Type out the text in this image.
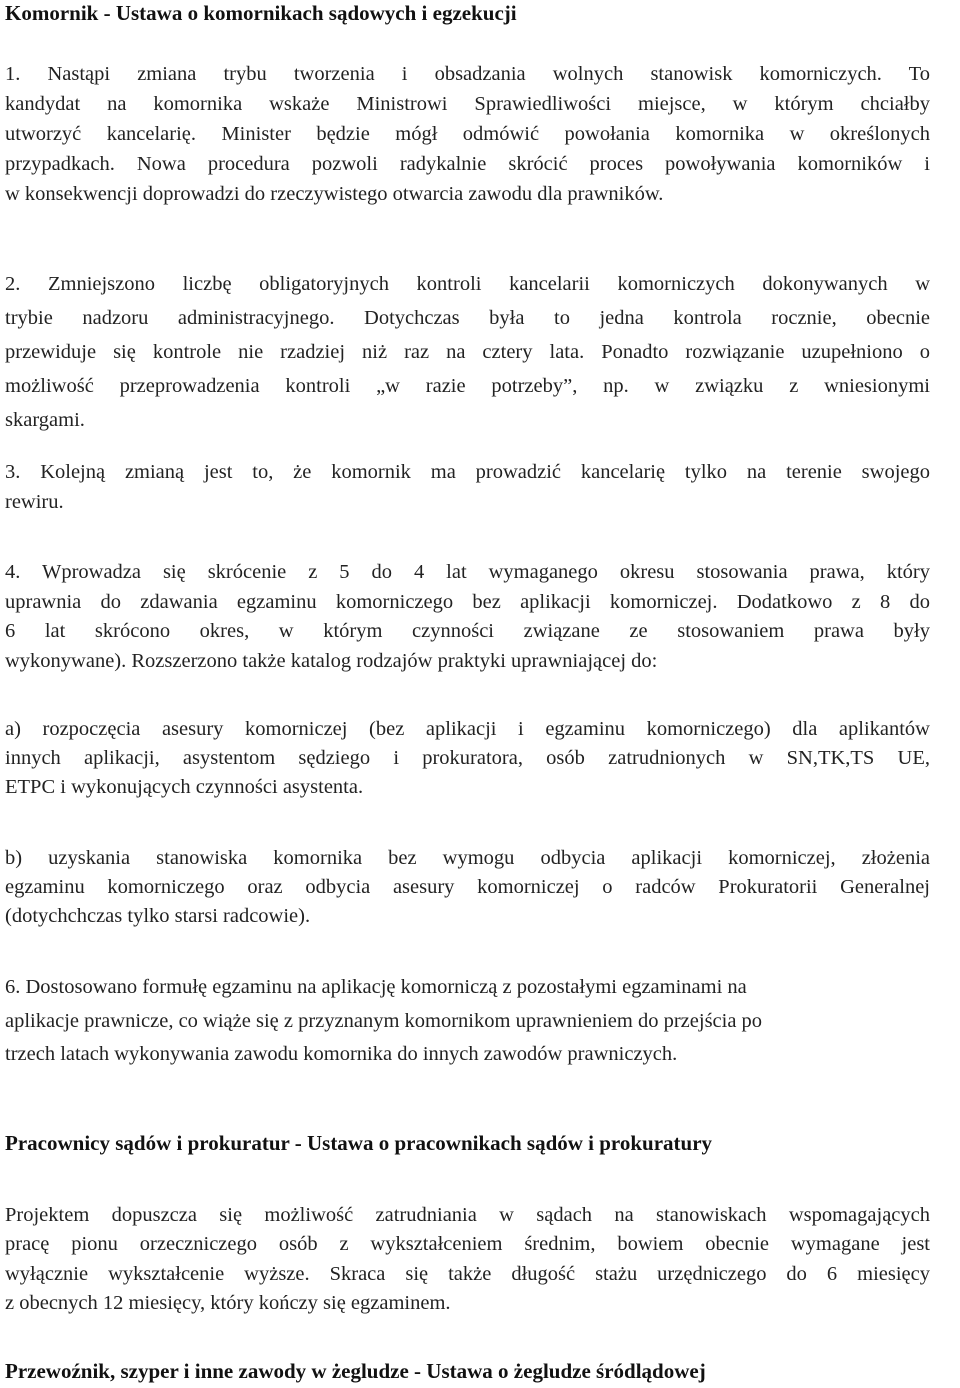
Komornik - Ustawa o komornikach sądowych i egzekucji

1. Nastąpi zmiana trybu tworzenia i obsadzania wolnych stanowisk komorniczych. To

kandydat na komornika wskaże Ministrowi Sprawiedliwości miejsce, w którym chciałby

utworzyć kancelarię. Minister będzie mógł odmówić powołania komornika w określonych

przypadkach. Nowa procedura pozwoli radykalnie skrócić proces powoływania komorników i

w konsekwencji doprowadzi do rzeczywistego otwarcia zawodu dla prawników.

2. Zmniejszono liczbę obligatoryjnych kontroli kancelarii komorniczych dokonywanych w

trybie nadzoru administracyjnego. Dotychczas była to jedna kontrola rocznie, obecnie

przewiduje się kontrole nie rzadziej niż raz na cztery lata. Ponadto rozwiązanie uzupełniono o

możliwość przeprowadzenia kontroli „w razie potrzeby”, np. w związku z wniesionymi

skargami.

3. Kolejną zmianą jest to, że komornik ma prowadzić kancelarię tylko na terenie swojego

rewiru.

4. Wprowadza się skrócenie z 5 do 4 lat wymaganego okresu stosowania prawa, który

uprawnia do zdawania egzaminu komorniczego bez aplikacji komorniczej. Dodatkowo z 8 do

6 lat skrócono okres, w którym czynności związane ze stosowaniem prawa były

wykonywane). Rozszerzono także katalog rodzajów praktyki uprawniającej do:

a) rozpoczęcia asesury komorniczej (bez aplikacji i egzaminu komorniczego) dla aplikantów

innych aplikacji, asystentom sędziego i prokuratora, osób zatrudnionych w SN,TK,TS UE,

ETPC i wykonujących czynności asystenta.

b) uzyskania stanowiska komornika bez wymogu odbycia aplikacji komorniczej, złożenia

egzaminu komorniczego oraz odbycia asesury komorniczej o radców Prokuratorii Generalnej

(dotychchczas tylko starsi radcowie).

6. Dostosowano formułę egzaminu na aplikację komorniczą z pozostałymi egzaminami na

aplikacje prawnicze, co wiąże się z przyznanym komornikom uprawnieniem do przejścia po

trzech latach wykonywania zawodu komornika do innych zawodów prawniczych.

Pracownicy sądów i prokuratur - Ustawa o pracownikach sądów i prokuratury

Projektem dopuszcza się możliwość zatrudniania w sądach na stanowiskach wspomagających

pracę pionu orzeczniczego osób z wykształceniem średnim, bowiem obecnie wymagane jest

wyłącznie wykształcenie wyższe. Skraca się także długość stażu urzędniczego do 6 miesięcy

z obecnych 12 miesięcy, który kończy się egzaminem.

Przewoźnik, szyper i inne zawody w żegludze - Ustawa o żegludze śródlądowej
